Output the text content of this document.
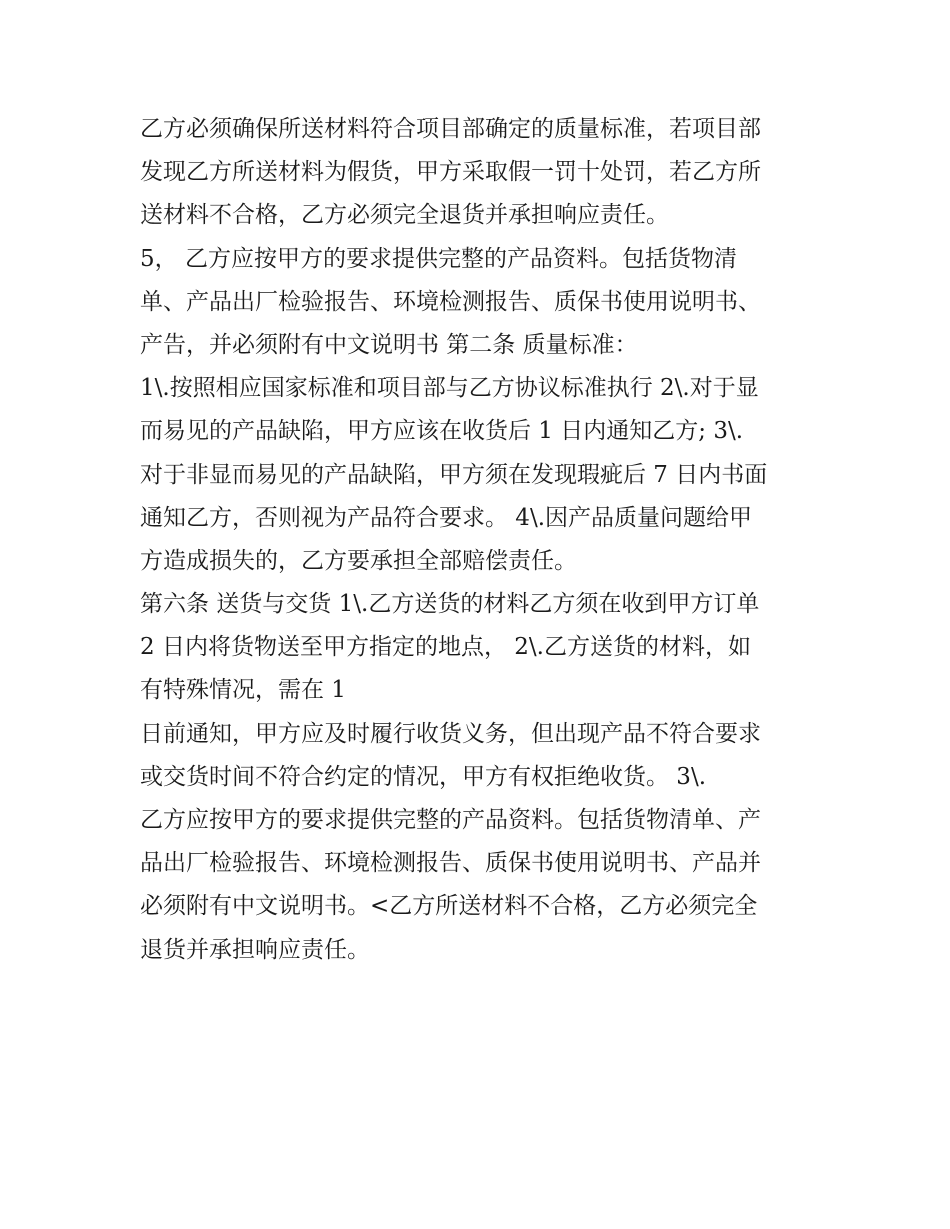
乙方必须确保所送材料符合项目部确定的质量标准，若项目部
发现乙方所送材料为假货，甲方采取假一罚十处罚，若乙方所
送材料不合格，乙方必须完全退货并承担响应责任。
5， 乙方应按甲方的要求提供完整的产品资料。包括货物清
单、产品出厂检验报告、环境检测报告、质保书使用说明书、
产告，并必须附有中文说明书 第二条 质量标准：
1\.按照相应国家标准和项目部与乙方协议标准执行 2\.对于显
而易见的产品缺陷，甲方应该在收货后 1 日内通知乙方; 3\.
对于非显而易见的产品缺陷，甲方须在发现瑕疵后 7 日内书面
通知乙方，否则视为产品符合要求。 4\.因产品质量问题给甲
方造成损失的，乙方要承担全部赔偿责任。
第六条 送货与交货 1\.乙方送货的材料乙方须在收到甲方订单
2 日内将货物送至甲方指定的地点， 2\.乙方送货的材料，如
有特殊情况，需在 1
日前通知，甲方应及时履行收货义务，但出现产品不符合要求
或交货时间不符合约定的情况，甲方有权拒绝收货。 3\.
乙方应按甲方的要求提供完整的产品资料。包括货物清单、产
品出厂检验报告、环境检测报告、质保书使用说明书、产品并
必须附有中文说明书。<乙方所送材料不合格，乙方必须完全
退货并承担响应责任。
